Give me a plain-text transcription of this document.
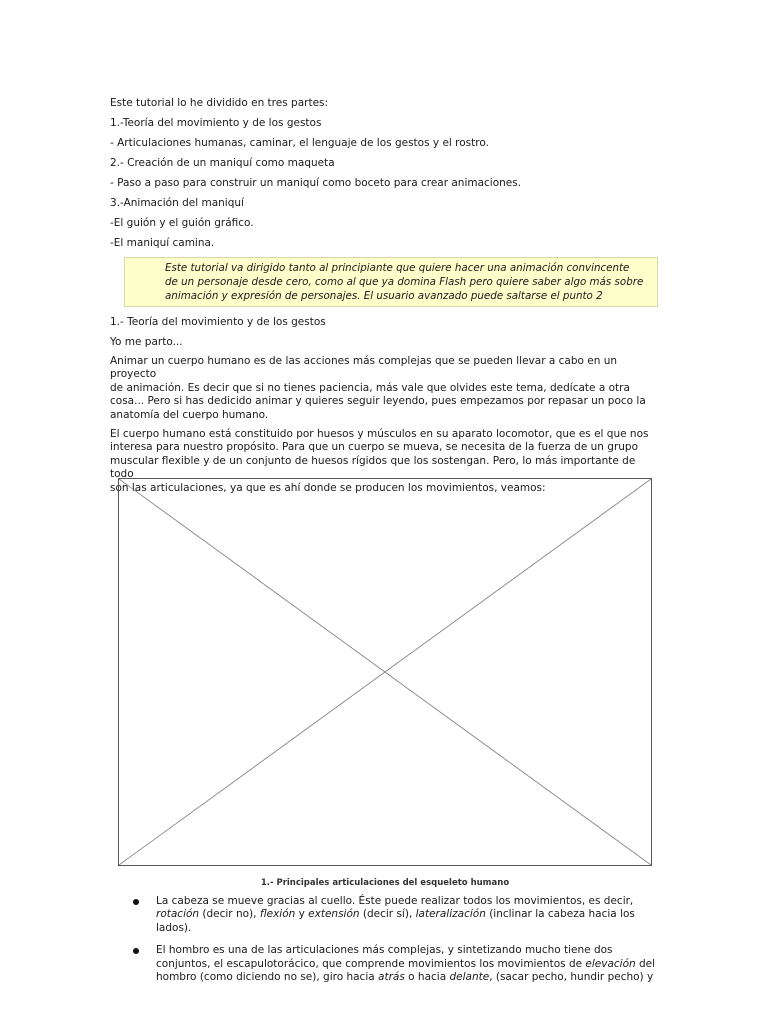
Este tutorial lo he dividido en tres partes:
1.-Teoría del movimiento y de los gestos
- Articulaciones humanas, caminar, el lenguaje de los gestos y el rostro.
2.- Creación de un maniquí como maqueta
- Paso a paso para construir un maniquí como boceto para crear animaciones.
3.-Animación del maniquí
-El guión y el guión gráfico.
-El maniquí camina.
Este tutorial va dirigido tanto al principiante que quiere hacer una animación convincente
de un personaje desde cero, como al que ya domina Flash pero quiere saber algo más sobre
animación y expresión de personajes. El usuario avanzado puede saltarse el punto 2
1.- Teoría del movimiento y de los gestos
Yo me parto...
Animar un cuerpo humano es de las acciones más complejas que se pueden llevar a cabo en un proyecto
de animación. Es decir que si no tienes paciencia, más vale que olvides este tema, dedícate a otra
cosa... Pero si has dedicido animar y quieres seguir leyendo, pues empezamos por repasar un poco la
anatomía del cuerpo humano.
El cuerpo humano está constituido por huesos y músculos en su aparato locomotor, que es el que nos
interesa para nuestro propósito. Para que un cuerpo se mueva, se necesita de la fuerza de un grupo
muscular flexible y de un conjunto de huesos rígidos que los sostengan. Pero, lo más importante de todo
son las articulaciones, ya que es ahí donde se producen los movimientos, veamos:
1.- Principales articulaciones del esqueleto humano
La cabeza se mueve gracias al cuello. Éste puede realizar todos los movimientos, es decir,
rotación (decir no), flexión y extensión (decir sí), lateralización (inclinar la cabeza hacia los lados).
El hombro es una de las articulaciones más complejas, y sintetizando mucho tiene dos conjuntos, el escapulotorácico, que comprende movimientos los movimientos de elevación del hombro (como diciendo no se), giro hacia atrás o hacia delante, (sacar pecho, hundir pecho) y
